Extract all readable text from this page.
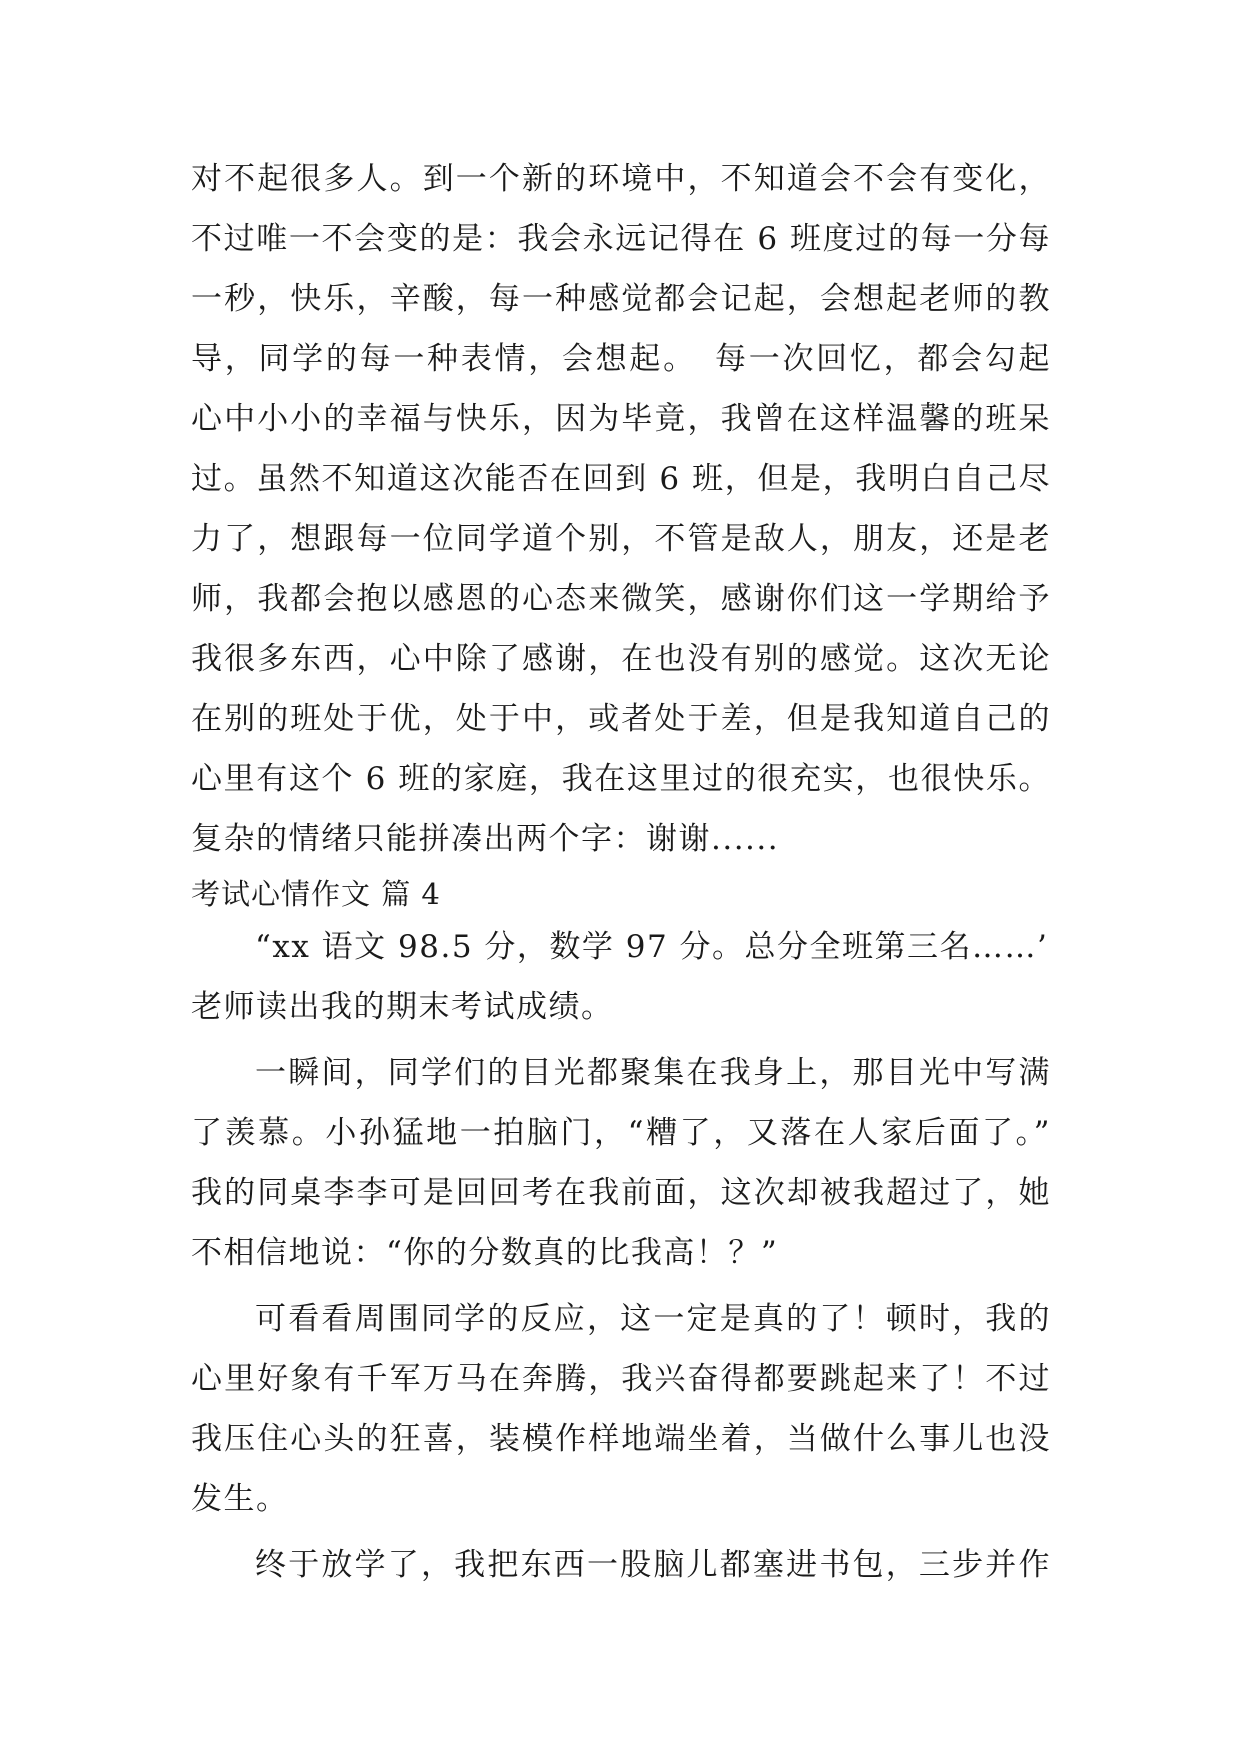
对不起很多人。到一个新的环境中，不知道会不会有变化，
不过唯一不会变的是：我会永远记得在 6 班度过的每一分每
一秒，快乐，辛酸，每一种感觉都会记起，会想起老师的教
导，同学的每一种表情，会想起。　每一次回忆，都会勾起
心中小小的幸福与快乐，因为毕竟，我曾在这样温馨的班呆
过。虽然不知道这次能否在回到 6 班，但是，我明白自己尽
力了，想跟每一位同学道个别，不管是敌人，朋友，还是老
师，我都会抱以感恩的心态来微笑，感谢你们这一学期给予
我很多东西，心中除了感谢，在也没有别的感觉。这次无论
在别的班处于优，处于中，或者处于差，但是我知道自己的
心里有这个 6 班的家庭，我在这里过的很充实，也很快乐。
复杂的情绪只能拼凑出两个字：谢谢......
考试心情作文 篇 4
“xx 语文 98.5 分，数学 97 分。总分全班第三名……’
老师读出我的期末考试成绩。
一瞬间，同学们的目光都聚集在我身上，那目光中写满
了羡慕。小孙猛地一拍脑门，“糟了，又落在人家后面了。”
我的同桌李李可是回回考在我前面，这次却被我超过了，她
不相信地说：“你的分数真的比我高！？”
可看看周围同学的反应，这一定是真的了！顿时，我的
心里好象有千军万马在奔腾，我兴奋得都要跳起来了！不过
我压住心头的狂喜，装模作样地端坐着，当做什么事儿也没
发生。
终于放学了，我把东西一股脑儿都塞进书包，三步并作
